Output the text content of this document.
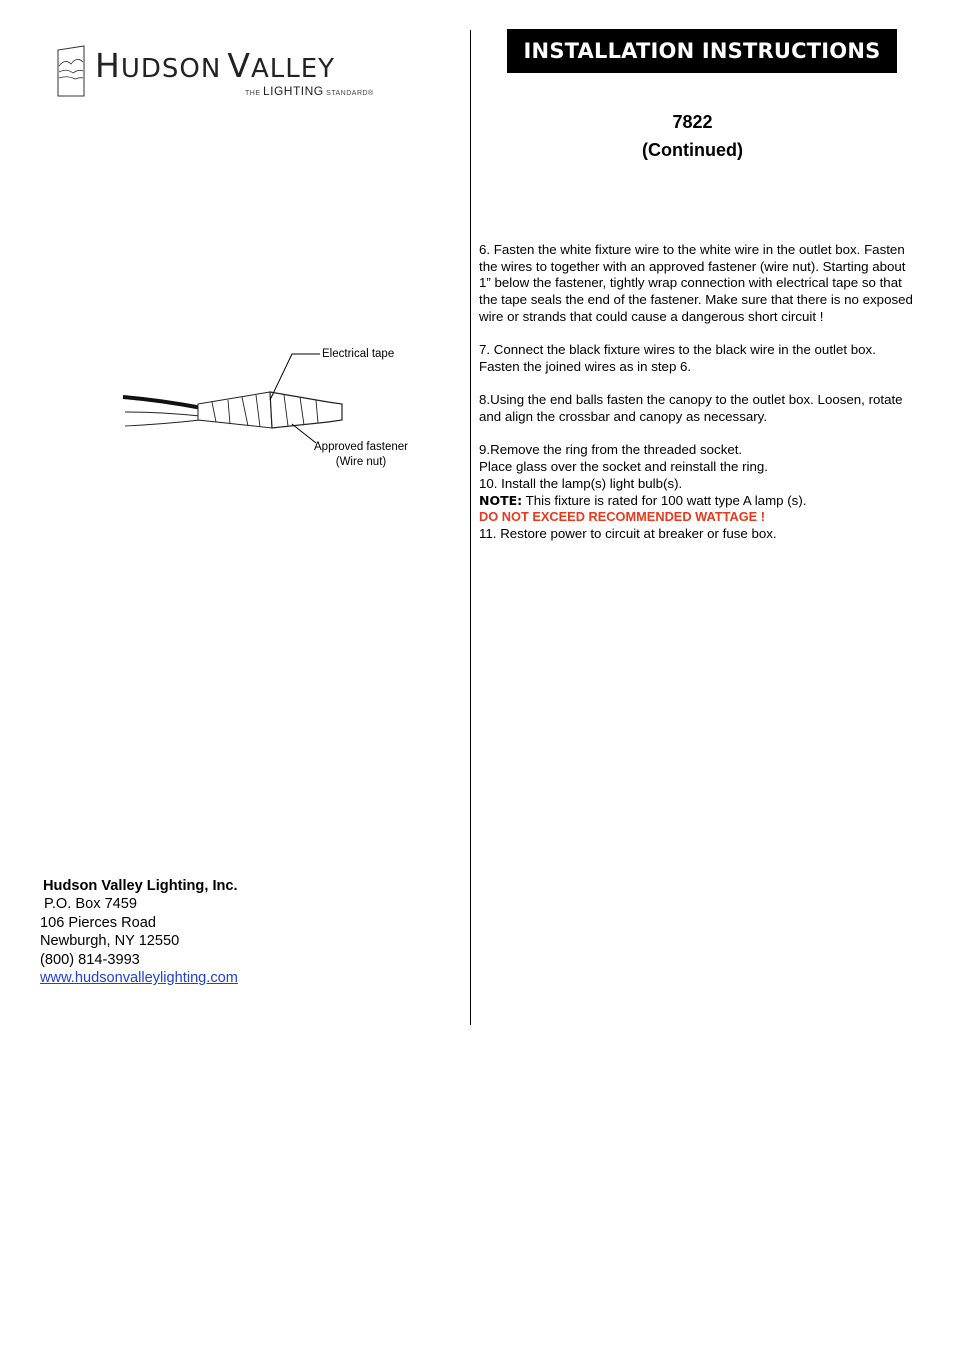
HUDSON VALLEY
THE LIGHTING STANDARD®
INSTALLATION INSTRUCTIONS
7822
(Continued)
6. Fasten the white fixture wire to the white wire in the outlet box. Fasten
the wires to together with an approved fastener (wire nut). Starting about
1” below the fastener, tightly wrap connection with electrical tape so that
the tape seals the end of the fastener. Make sure that there is no exposed
wire or strands that could cause a dangerous short circuit !
7. Connect the black fixture wires to the black wire in the outlet box.
Fasten the joined wires as in step 6.
8.Using the end balls fasten the canopy to the outlet box. Loosen, rotate
and align the crossbar and canopy as necessary.
9.Remove the ring from the threaded socket.
Place glass over the socket and reinstall the ring.
10. Install the lamp(s) light bulb(s).
NOTE: This fixture is rated for 100 watt type A lamp (s).
DO NOT EXCEED RECOMMENDED WATTAGE !
11. Restore power to circuit at breaker or fuse box.
Electrical tape
Approved fastener
(Wire nut)
Hudson Valley Lighting, Inc.
P.O. Box 7459
106 Pierces Road
Newburgh, NY 12550
(800) 814-3993
www.hudsonvalleylighting.com
